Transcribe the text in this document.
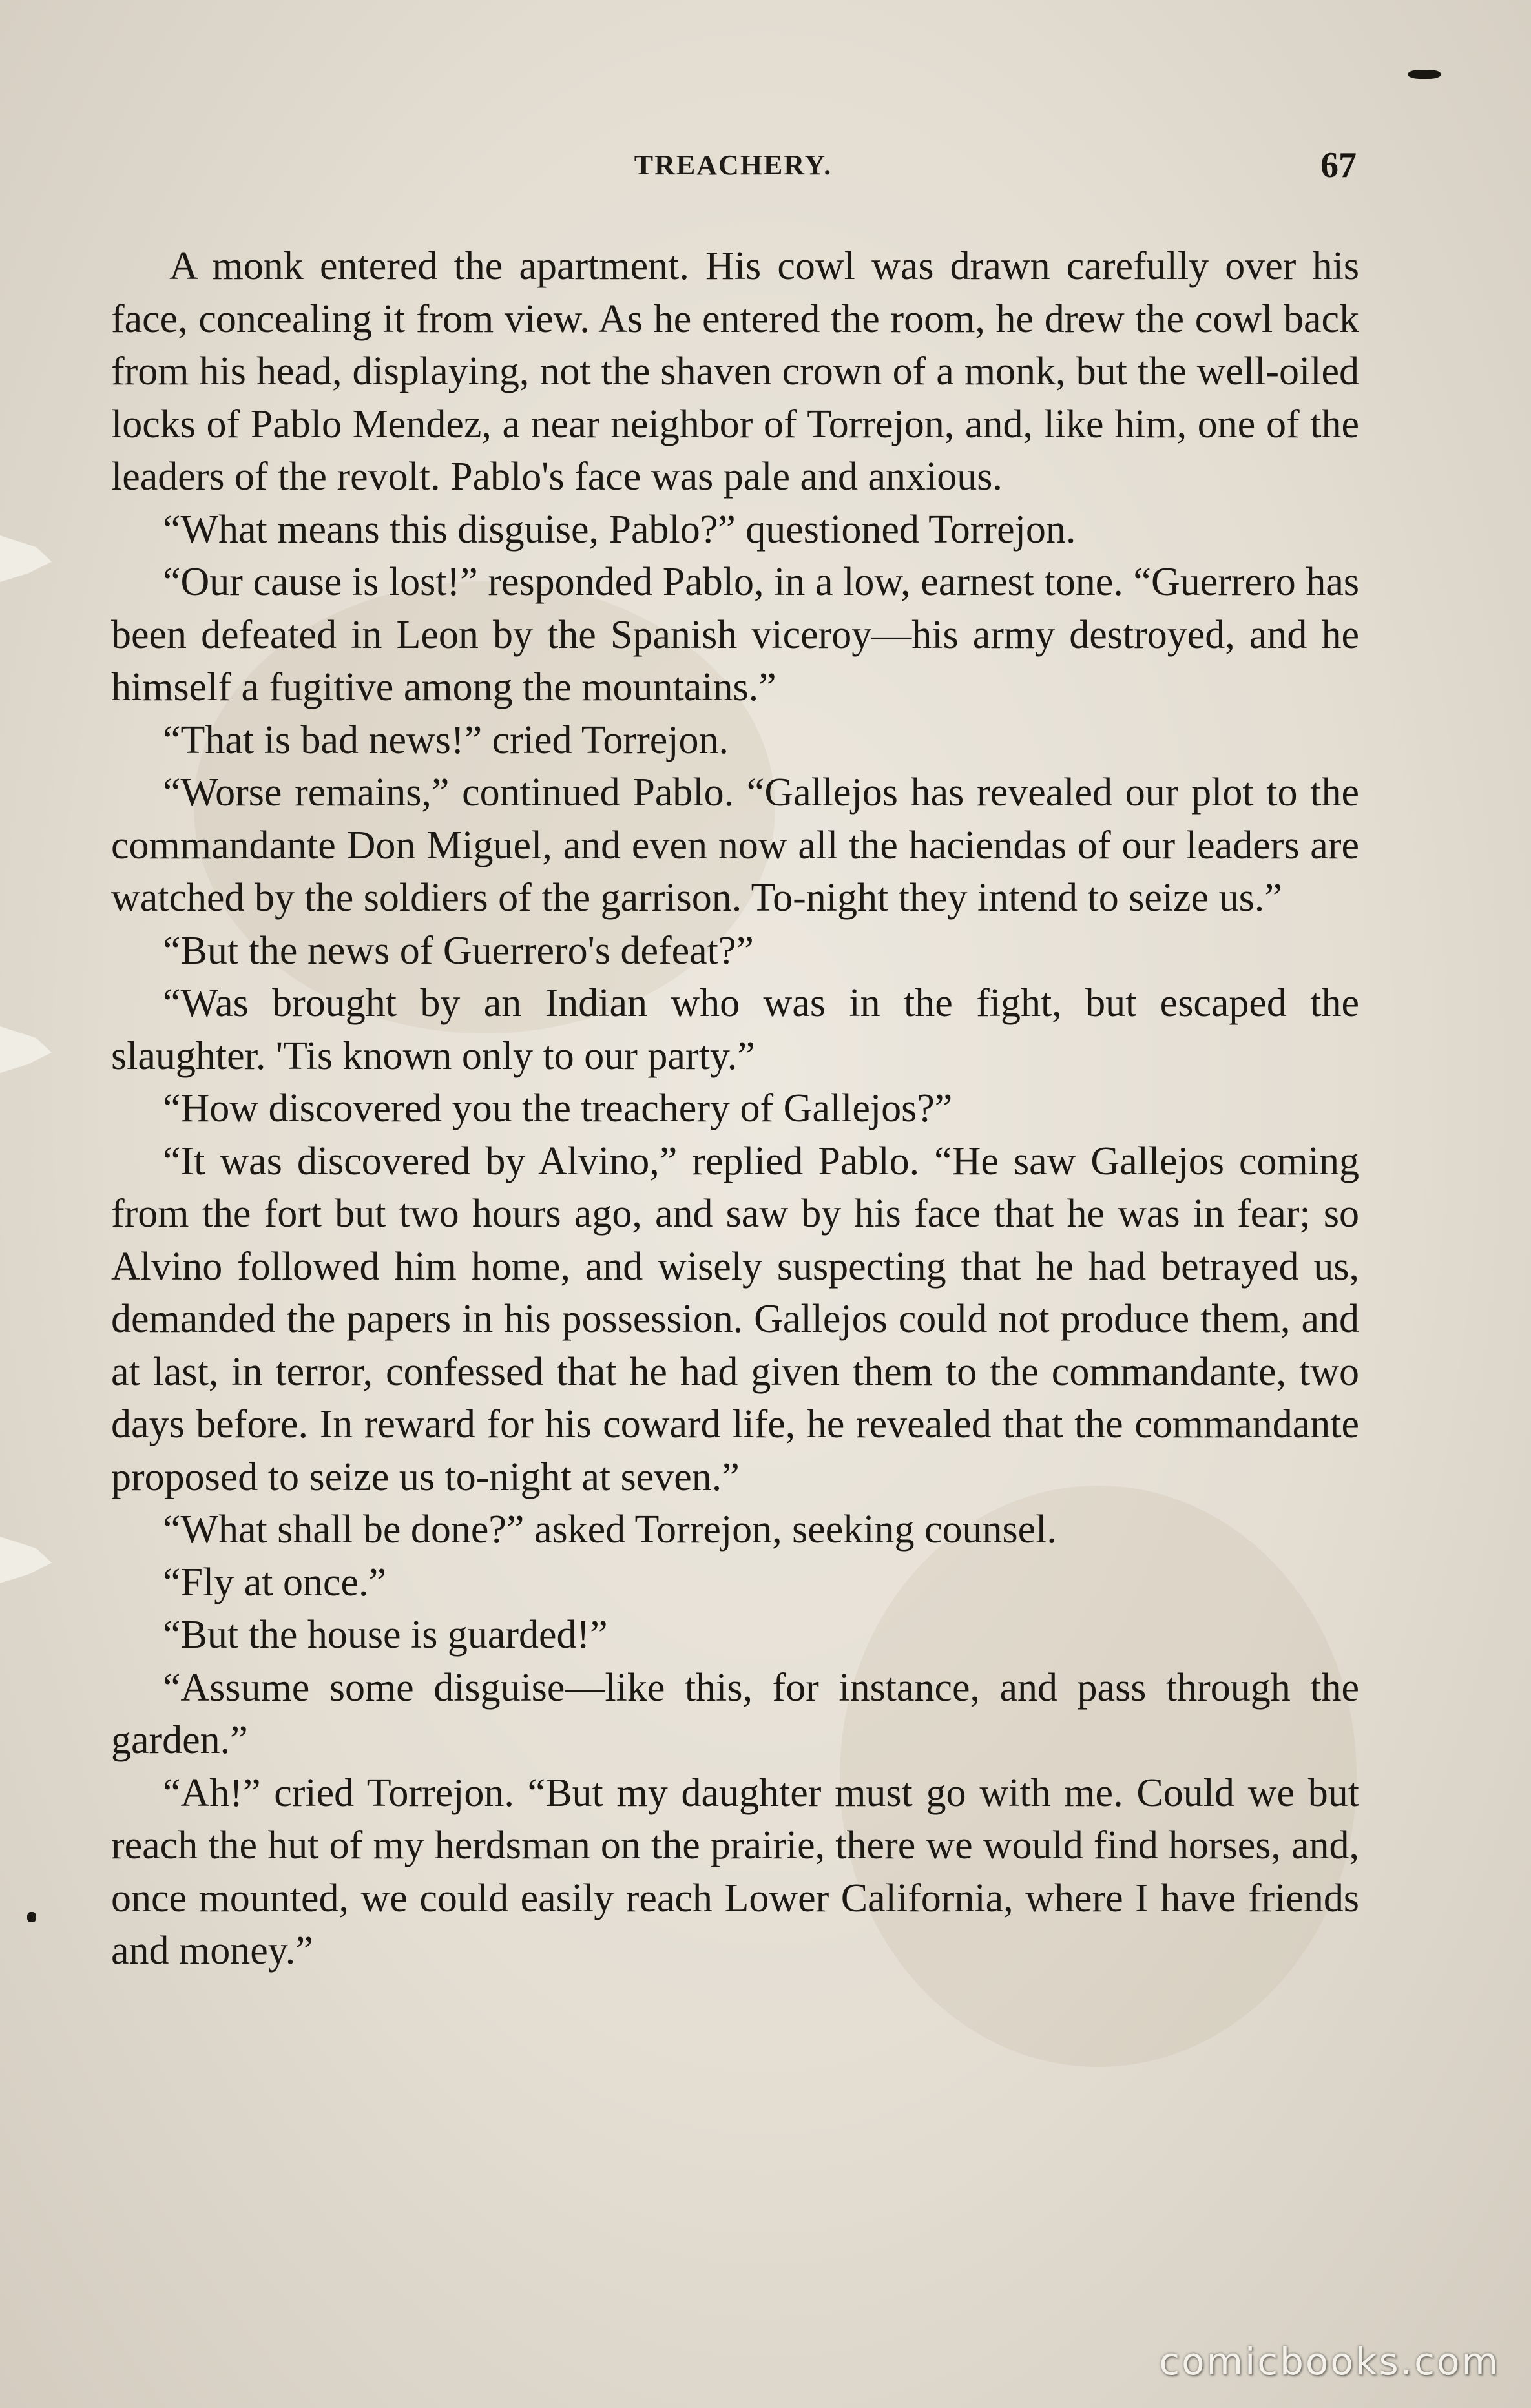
TREACHERY.	67

A monk entered the apartment. His cowl was drawn carefully over his face, concealing it from view. As he entered the room, he drew the cowl back from his head, displaying, not the shaven crown of a monk, but the well-oiled locks of Pablo Mendez, a near neighbor of Torrejon, and, like him, one of the leaders of the revolt. Pablo's face was pale and anxious.

“What means this disguise, Pablo?” questioned Torrejon.

“Our cause is lost!” responded Pablo, in a low, earnest tone. “Guerrero has been defeated in Leon by the Spanish viceroy—his army destroyed, and he himself a fugitive among the mountains.”

“That is bad news!” cried Torrejon.

“Worse remains,” continued Pablo. “Gallejos has revealed our plot to the commandante Don Miguel, and even now all the haciendas of our leaders are watched by the soldiers of the garrison. To-night they intend to seize us.”

“But the news of Guerrero's defeat?”

“Was brought by an Indian who was in the fight, but escaped the slaughter. 'Tis known only to our party.”

“How discovered you the treachery of Gallejos?”

“It was discovered by Alvino,” replied Pablo. “He saw Gallejos coming from the fort but two hours ago, and saw by his face that he was in fear; so Alvino followed him home, and wisely suspecting that he had betrayed us, demanded the papers in his possession. Gallejos could not produce them, and at last, in terror, confessed that he had given them to the commandante, two days before. In reward for his coward life, he revealed that the commandante proposed to seize us to-night at seven.”

“What shall be done?” asked Torrejon, seeking counsel.

“Fly at once.”

“But the house is guarded!”

“Assume some disguise—like this, for instance, and pass through the garden.”

“Ah!” cried Torrejon. “But my daughter must go with me. Could we but reach the hut of my herdsman on the prairie, there we would find horses, and, once mounted, we could easily reach Lower California, where I have friends and money.”

comicbooks.com
